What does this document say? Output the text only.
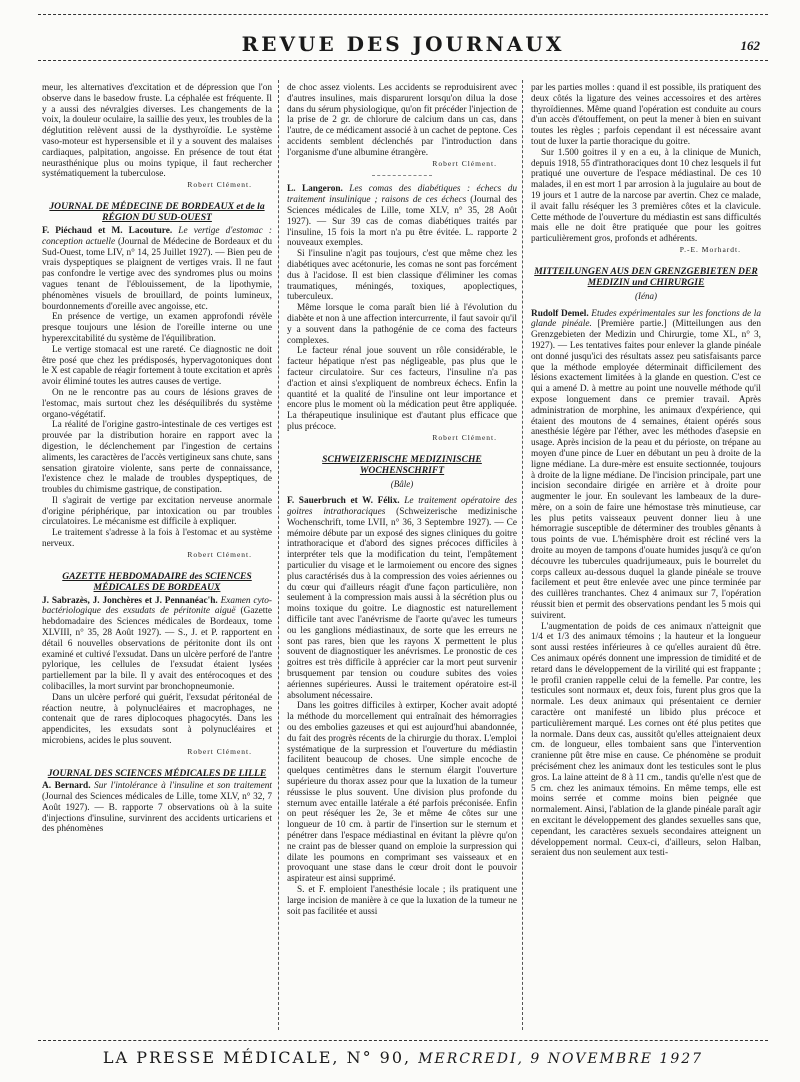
REVUE DES JOURNAUX	162

meur, les alternatives d'excitation et de dépression que l'on observe dans le basedow fruste. La céphalée est fréquente. Il y a aussi des névralgies diverses. Les changements de la voix, la douleur oculaire, la saillie des yeux, les troubles de la déglutition relèvent aussi de la dysthyroïdie. Le système vaso-moteur est hypersensible et il y a souvent des malaises cardiaques, palpitation, angoisse. En présence de tout état neurasthénique plus ou moins typique, il faut rechercher systématiquement la tuberculose.

Robert Clément.
JOURNAL DE MÉDECINE DE BORDEAUX et de la RÉGION DU SUD-OUEST

F. Piéchaud et M. Lacouture. Le vertige d'estomac : conception actuelle (Journal de Médecine de Bordeaux et du Sud-Ouest, tome LIV, n° 14, 25 Juillet 1927). — Bien peu de vrais dyspeptiques se plaignent de vertiges vrais. Il ne faut pas confondre le vertige avec des syndromes plus ou moins vagues tenant de l'éblouissement, de la lipothymie, phénomènes visuels de brouillard, de points lumineux, bourdonnements d'oreille avec angoisse, etc.

En présence de vertige, un examen approfondi révèle presque toujours une lésion de l'oreille interne ou une hyperexcitabilité du système de l'équilibration.

Le vertige stomacal est une rareté. Ce diagnostic ne doit être posé que chez les prédisposés, hypervagotoniques dont le X est capable de réagir fortement à toute excitation et après avoir éliminé toutes les autres causes de vertige.

On ne le rencontre pas au cours de lésions graves de l'estomac, mais surtout chez les déséquilibrés du système organo-végétatif.

La réalité de l'origine gastro-intestinale de ces vertiges est prouvée par la distribution horaire en rapport avec la digestion, le déclenchement par l'ingestion de certains aliments, les caractères de l'accès vertigineux sans chute, sans sensation giratoire violente, sans perte de connaissance, l'existence chez le malade de troubles dyspeptiques, de troubles du chimisme gastrique, de constipation.

Il s'agirait de vertige par excitation nerveuse anormale d'origine périphérique, par intoxication ou par troubles circulatoires. Le mécanisme est difficile à expliquer.

Le traitement s'adresse à la fois à l'estomac et au système nerveux.

Robert Clément.
GAZETTE HEBDOMADAIRE des SCIENCES MÉDICALES DE BORDEAUX

J. Sabrazès, J. Jonchères et J. Pennanéac'h. Examen cyto-bactériologique des exsudats de péritonite aiguë (Gazette hebdomadaire des Sciences médicales de Bordeaux, tome XLVIII, n° 35, 28 Août 1927). — S., J. et P. rapportent en détail 6 nouvelles observations de péritonite dont ils ont examiné et cultivé l'exsudat. Dans un ulcère perforé de l'antre pylorique, les cellules de l'exsudat étaient lysées partiellement par la bile. Il y avait des entérocoques et des colibacilles, la mort survint par bronchopneumonie.

Dans un ulcère perforé qui guérit, l'exsudat péritonéal de réaction neutre, à polynucléaires et macrophages, ne contenait que de rares diplocoques phagocytés. Dans les appendicites, les exsudats sont à polynucléaires et microbiens, acides le plus souvent.

Robert Clément.
JOURNAL DES SCIENCES MÉDICALES DE LILLE

A. Bernard. Sur l'intolérance à l'insuline et son traitement (Journal des Sciences médicales de Lille, tome XLV, n° 32, 7 Août 1927). — B. rapporte 7 observations où à la suite d'injections d'insuline, survinrent des accidents urticariens et des phénomènes

de choc assez violents. Les accidents se reproduisirent avec d'autres insulines, mais disparurent lorsqu'on dilua la dose dans du sérum physiologique, qu'on fit précéder l'injection de la prise de 2 gr. de chlorure de calcium dans un cas, dans l'autre, de ce médicament associé à un cachet de peptone. Ces accidents semblent déclenchés par l'introduction dans l'organisme d'une albumine étrangère.

Robert Clément.

L. Langeron. Les comas des diabétiques : échecs du traitement insulinique ; raisons de ces échecs (Journal des Sciences médicales de Lille, tome XLV, n° 35, 28 Août 1927). — Sur 39 cas de comas diabétiques traités par l'insuline, 15 fois la mort n'a pu être évitée. L. rapporte 2 nouveaux exemples.

Si l'insuline n'agit pas toujours, c'est que même chez les diabétiques avec acétonurie, les comas ne sont pas forcément dus à l'acidose. Il est bien classique d'éliminer les comas traumatiques, méningés, toxiques, apoplectiques, tuberculeux.

Même lorsque le coma paraît bien lié à l'évolution du diabète et non à une affection intercurrente, il faut savoir qu'il y a souvent dans la pathogénie de ce coma des facteurs complexes.

Le facteur rénal joue souvent un rôle considérable, le facteur hépatique n'est pas négligeable, pas plus que le facteur circulatoire. Sur ces facteurs, l'insuline n'a pas d'action et ainsi s'expliquent de nombreux échecs. Enfin la quantité et la qualité de l'insuline ont leur importance et encore plus le moment où la médication peut être appliquée. La thérapeutique insulinique est d'autant plus efficace que plus précoce.

Robert Clément.
SCHWEIZERISCHE MEDIZINISCHE WOCHENSCHRIFT
(Bâle)

F. Sauerbruch et W. Félix. Le traitement opératoire des goitres intrathoraciques (Schweizerische medizinische Wochenschrift, tome LVII, n° 36, 3 Septembre 1927). — Ce mémoire débute par un exposé des signes cliniques du goitre intrathoracique et d'abord des signes précoces difficiles à interpréter tels que la modification du teint, l'empâtement particulier du visage et le larmoiement ou encore des signes plus caractérisés dus à la compression des voies aériennes ou du cœur qui d'ailleurs réagit d'une façon particulière, non seulement à la compression mais aussi à la sécrétion plus ou moins toxique du goitre. Le diagnostic est naturellement difficile tant avec l'anévrisme de l'aorte qu'avec les tumeurs ou les ganglions médiastinaux, de sorte que les erreurs ne sont pas rares, bien que les rayons X permettent le plus souvent de diagnostiquer les anévrismes. Le pronostic de ces goitres est très difficile à apprécier car la mort peut survenir brusquement par tension ou coudure subites des voies aériennes supérieures. Aussi le traitement opératoire est-il absolument nécessaire.

Dans les goitres difficiles à extirper, Kocher avait adopté la méthode du morcellement qui entraînait des hémorragies ou des embolies gazeuses et qui est aujourd'hui abandonnée, du fait des progrès récents de la chirurgie du thorax. L'emploi systématique de la surpression et l'ouverture du médiastin facilitent beaucoup de choses. Une simple encoche de quelques centimètres dans le sternum élargit l'ouverture supérieure du thorax assez pour que la luxation de la tumeur réussisse le plus souvent. Une division plus profonde du sternum avec entaille latérale a été parfois préconisée. Enfin on peut réséquer les 2e, 3e et même 4e côtes sur une longueur de 10 cm. à partir de l'insertion sur le sternum et pénétrer dans l'espace médiastinal en évitant la plèvre qu'on ne craint pas de blesser quand on emploie la surpression qui dilate les poumons en comprimant ses vaisseaux et en provoquant une stase dans le cœur droit dont le pouvoir aspirateur est ainsi supprimé.

S. et F. emploient l'anesthésie locale ; ils pratiquent une large incision de manière à ce que la luxation de la tumeur ne soit pas facilitée et aussi

par les parties molles : quand il est possible, ils pratiquent des deux côtés la ligature des veines accessoires et des artères thyroïdiennes. Même quand l'opération est conduite au cours d'un accès d'étouffement, on peut la mener à bien en suivant toutes les règles ; parfois cependant il est nécessaire avant tout de luxer la partie thoracique du goitre.

Sur 1.500 goitres il y en a eu, à la clinique de Munich, depuis 1918, 55 d'intrathoraciques dont 10 chez lesquels il fut pratiqué une ouverture de l'espace médiastinal. De ces 10 malades, il en est mort 1 par arrosion à la jugulaire au bout de 19 jours et 1 autre de la narcose par avertin. Chez ce malade, il avait fallu réséquer les 3 premières côtes et la clavicule. Cette méthode de l'ouverture du médiastin est sans difficultés mais elle ne doit être pratiquée que pour les goitres particulièrement gros, profonds et adhérents.

P.-E. Morhardt.
MITTEILUNGEN AUS DEN GRENZGEBIETEN DER MEDIZIN und CHIRURGIE
(Iéna)

Rudolf Demel. Etudes expérimentales sur les fonctions de la glande pinéale. [Première partie.] (Mitteilungen aus den Grenzgebieten der Medizin und Chirurgie, tome XL, n° 3, 1927). — Les tentatives faites pour enlever la glande pinéale ont donné jusqu'ici des résultats assez peu satisfaisants parce que la méthode employée déterminait difficilement des lésions exactement limitées à la glande en question. C'est ce qui a amené D. à mettre au point une nouvelle méthode qu'il expose longuement dans ce premier travail. Après administration de morphine, les animaux d'expérience, qui étaient des moutons de 4 semaines, étaient opérés sous anesthésie légère par l'éther, avec les méthodes d'asepsie en usage. Après incision de la peau et du périoste, on trépane au moyen d'une pince de Luer en débutant un peu à droite de la ligne médiane. La dure-mère est ensuite sectionnée, toujours à droite de la ligne médiane. De l'incision principale, part une incision secondaire dirigée en arrière et à droite pour augmenter le jour. En soulevant les lambeaux de la dure-mère, on a soin de faire une hémostase très minutieuse, car les plus petits vaisseaux peuvent donner lieu à une hémorragie susceptible de déterminer des troubles gênants à tous points de vue. L'hémisphère droit est récliné vers la droite au moyen de tampons d'ouate humides jusqu'à ce qu'on découvre les tubercules quadrijumeaux, puis le bourrelet du corps calleux au-dessous duquel la glande pinéale se trouve facilement et peut être enlevée avec une pince terminée par des cuillères tranchantes. Chez 4 animaux sur 7, l'opération réussit bien et permit des observations pendant les 5 mois qui suivirent.

L'augmentation de poids de ces animaux n'atteignit que 1/4 et 1/3 des animaux témoins ; la hauteur et la longueur sont aussi restées inférieures à ce qu'elles auraient dû être. Ces animaux opérés donnent une impression de timidité et de retard dans le développement de la virilité qui est frappante ; le profil cranien rappelle celui de la femelle. Par contre, les testicules sont normaux et, deux fois, furent plus gros que la normale. Les deux animaux qui présentaient ce dernier caractère ont manifesté un libido plus précoce et particulièrement marqué. Les cornes ont été plus petites que la normale. Dans deux cas, aussitôt qu'elles atteignaient deux cm. de longueur, elles tombaient sans que l'intervention cranienne pût être mise en cause. Ce phénomène se produit précisément chez les animaux dont les testicules sont le plus gros. La laine atteint de 8 à 11 cm., tandis qu'elle n'est que de 5 cm. chez les animaux témoins. En même temps, elle est moins serrée et comme moins bien peignée que normalement. Ainsi, l'ablation de la glande pinéale paraît agir en excitant le développement des glandes sexuelles sans que, cependant, les caractères sexuels secondaires atteignent un développement normal. Ceux-ci, d'ailleurs, selon Halban, seraient dus non seulement aux testi-

LA PRESSE MÉDICALE, N° 90, MERCREDI, 9 NOVEMBRE 1927
